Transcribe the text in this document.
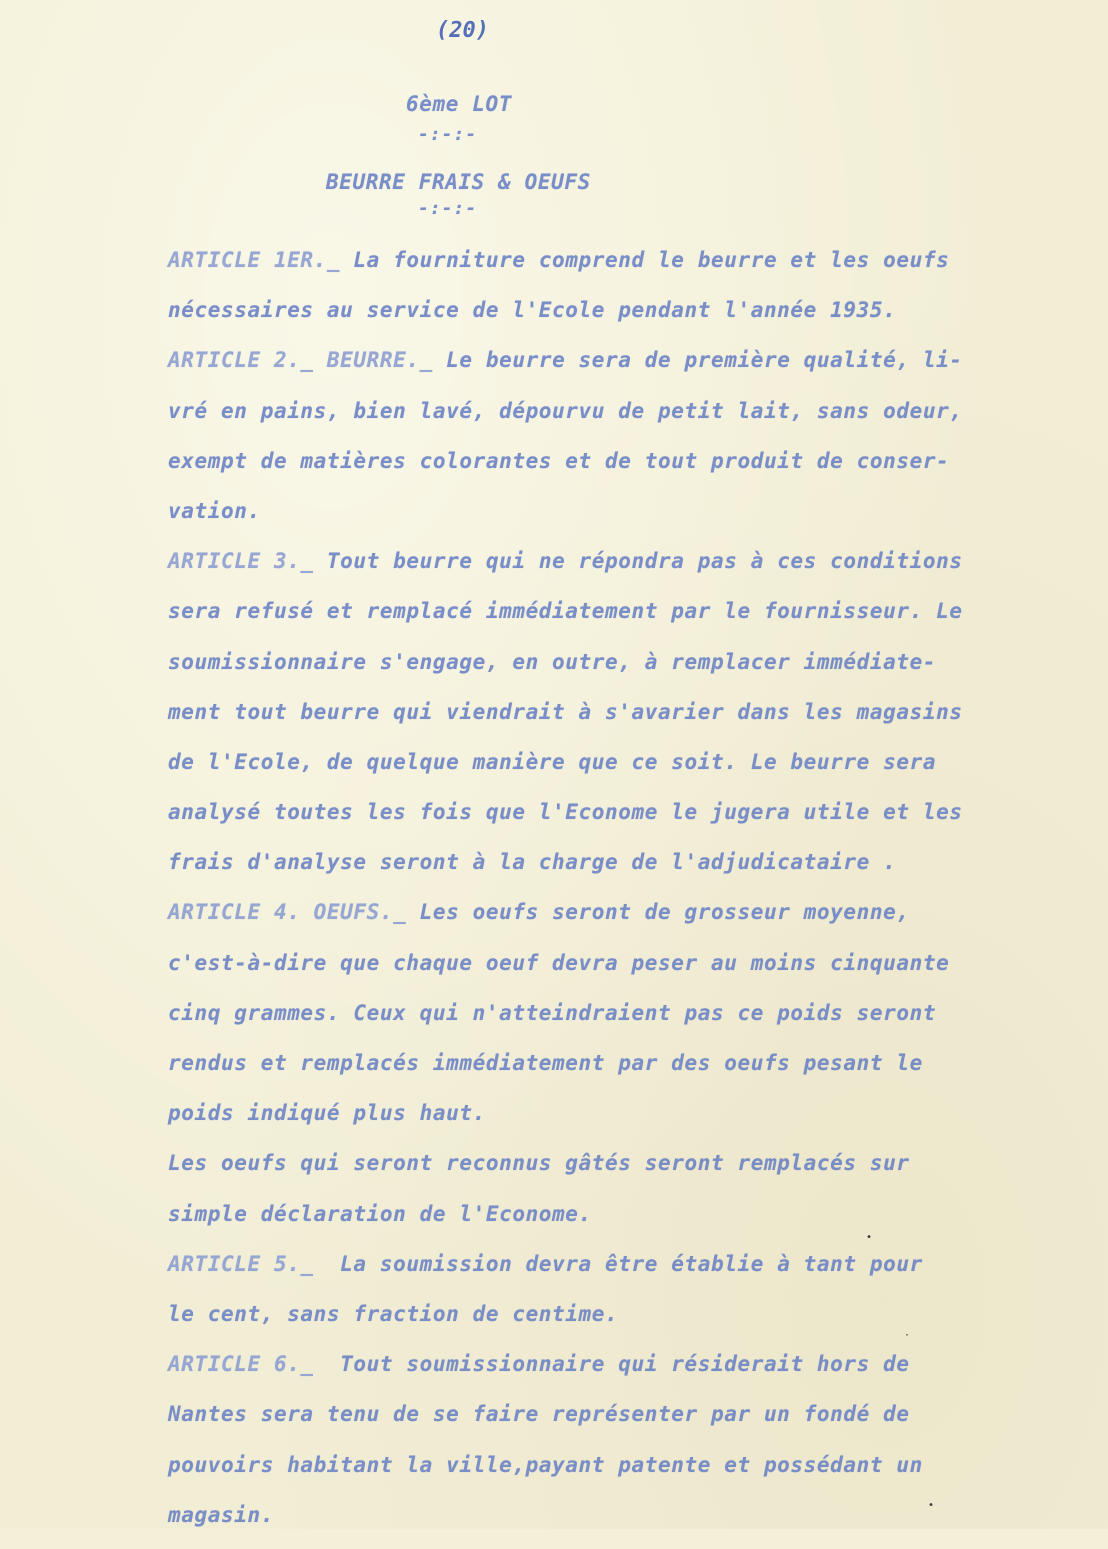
(20)
6ème LOT
-:-:-
BEURRE FRAIS & OEUFS
-:-:-
ARTICLE 1ER._ La fourniture comprend le beurre et les oeufs
nécessaires au service de l'Ecole pendant l'année 1935.
ARTICLE 2._ BEURRE._ Le beurre sera de première qualité, li-
vré en pains, bien lavé, dépourvu de petit lait, sans odeur,
exempt de matières colorantes et de tout produit de conser-
vation.
ARTICLE 3._ Tout beurre qui ne répondra pas à ces conditions
sera refusé et remplacé immédiatement par le fournisseur. Le
soumissionnaire s'engage, en outre, à remplacer immédiate-
ment tout beurre qui viendrait à s'avarier dans les magasins
de l'Ecole, de quelque manière que ce soit. Le beurre sera
analysé toutes les fois que l'Econome le jugera utile et les
frais d'analyse seront à la charge de l'adjudicataire .
ARTICLE 4. OEUFS._ Les oeufs seront de grosseur moyenne,
c'est-à-dire que chaque oeuf devra peser au moins cinquante
cinq grammes. Ceux qui n'atteindraient pas ce poids seront
rendus et remplacés immédiatement par des oeufs pesant le
poids indiqué plus haut.
Les oeufs qui seront reconnus gâtés seront remplacés sur
simple déclaration de l'Econome.
ARTICLE 5._  La soumission devra être établie à tant pour
le cent, sans fraction de centime.
ARTICLE 6._  Tout soumissionnaire qui résiderait hors de
Nantes sera tenu de se faire représenter par un fondé de
pouvoirs habitant la ville,payant patente et possédant un
magasin.
•
·
•
